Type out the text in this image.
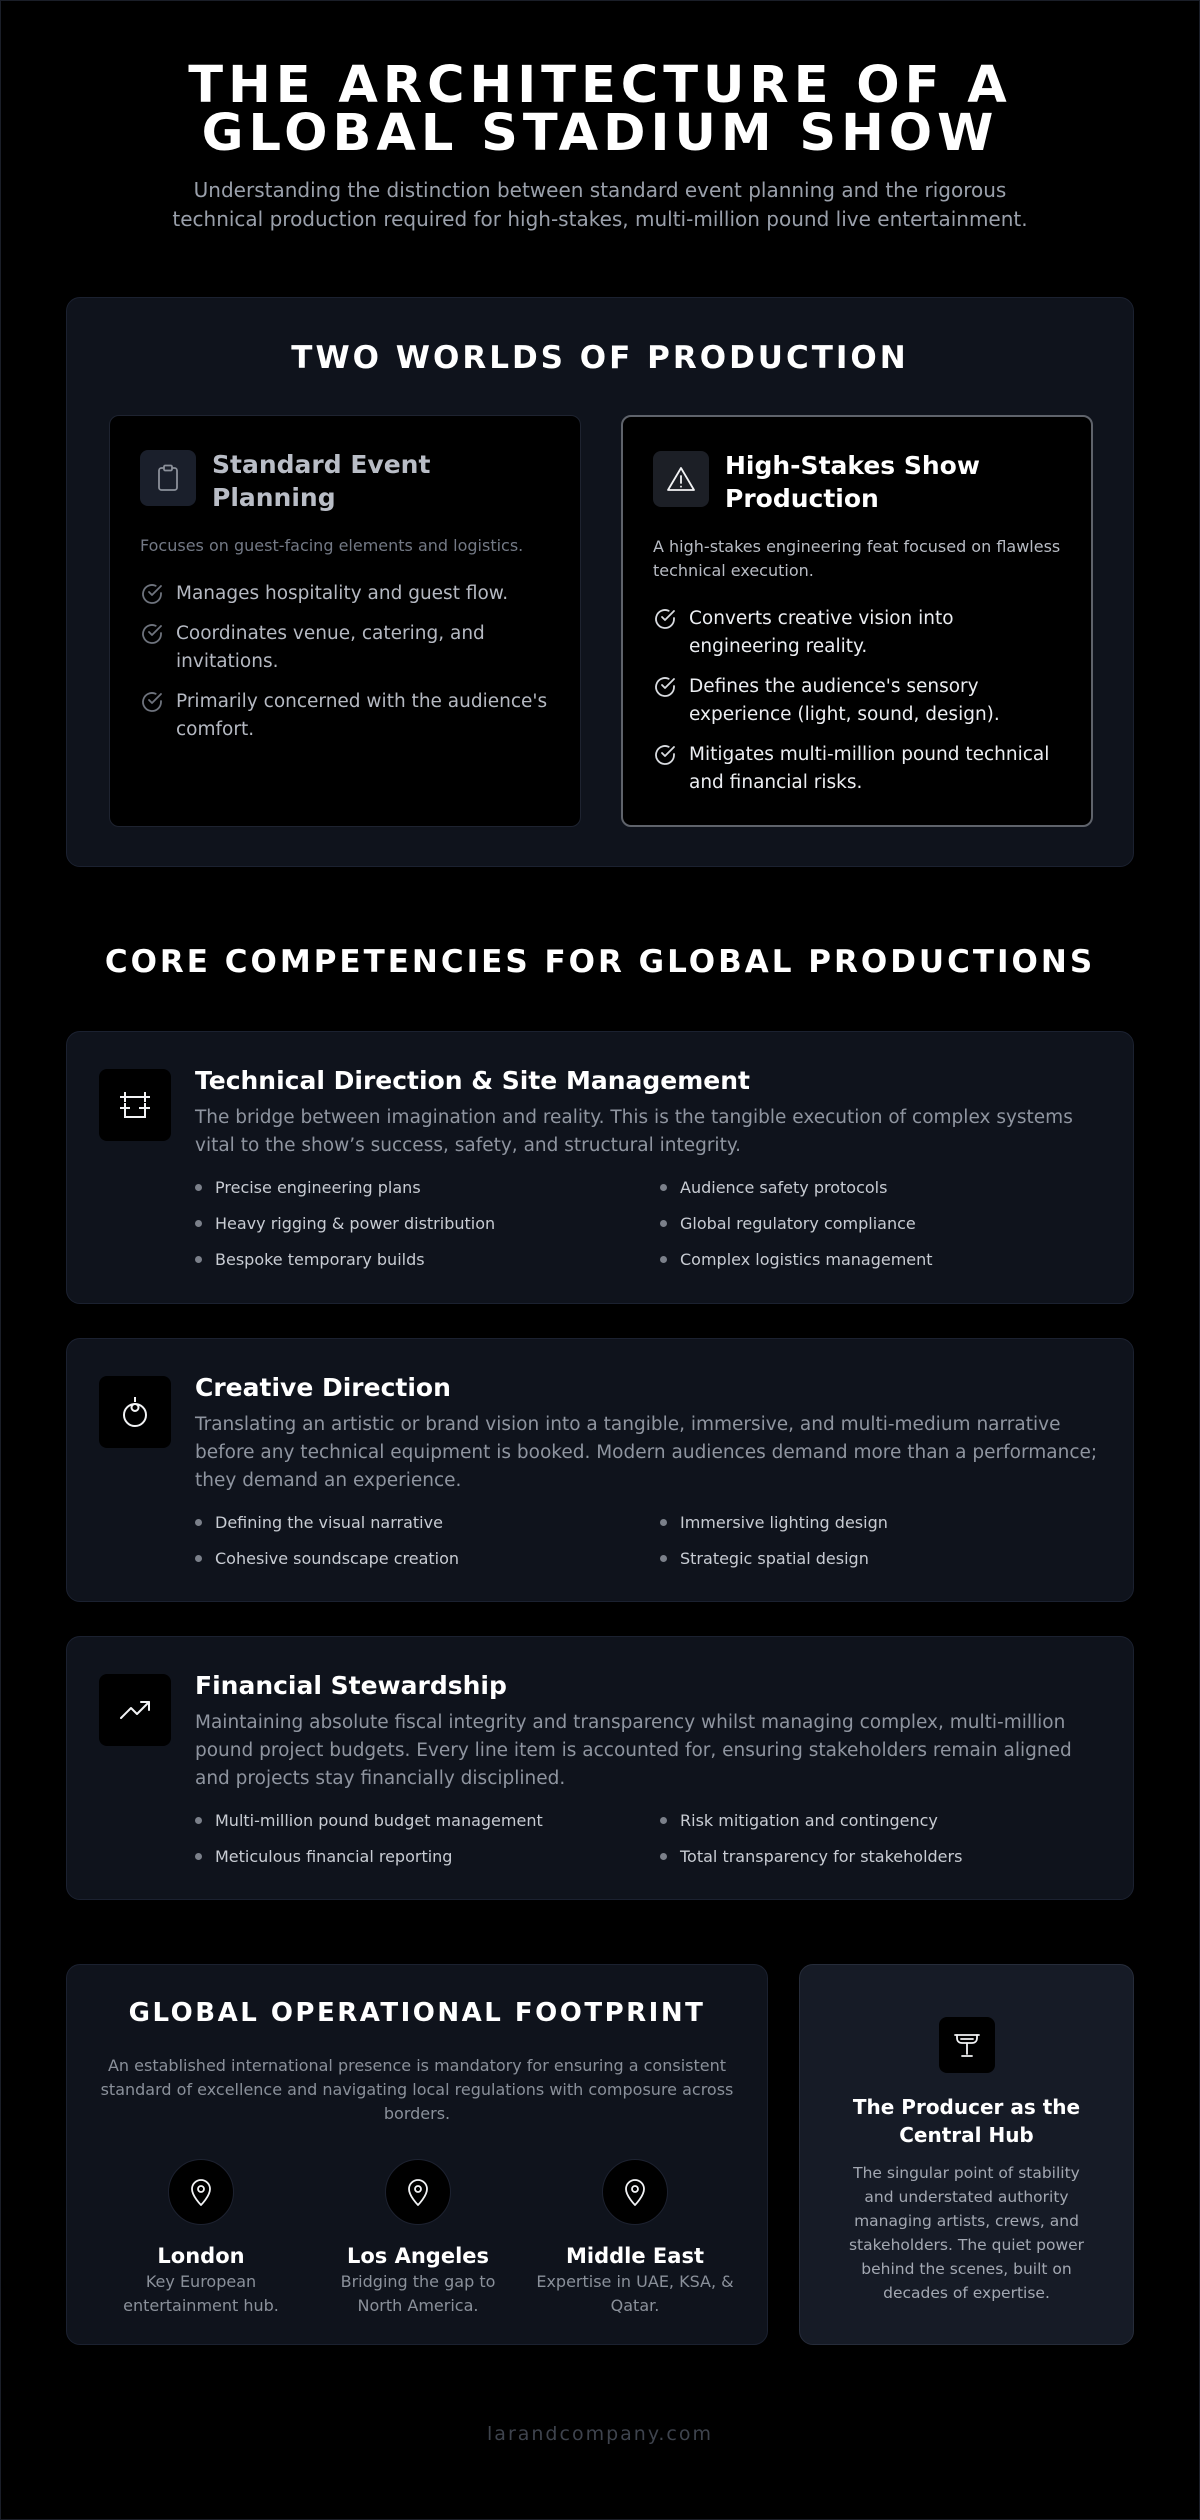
THE ARCHITECTURE OF A GLOBAL STADIUM SHOW

Understanding the distinction between standard event planning and the rigorous technical production required for high-stakes, multi-million pound live entertainment.

TWO WORLDS OF PRODUCTION
Standard Event Planning

Focuses on guest-facing elements and logistics.

Manages hospitality and guest flow.
Coordinates venue, catering, and invitations.
Primarily concerned with the audience's comfort.
High-Stakes Show Production

A high-stakes engineering feat focused on flawless technical execution.

Converts creative vision into engineering reality.
Defines the audience's sensory experience (light, sound, design).
Mitigates multi-million pound technical and financial risks.
CORE COMPETENCIES FOR GLOBAL PRODUCTIONS
Technical Direction & Site Management

The bridge between imagination and reality. This is the tangible execution of complex systems vital to the show’s success, safety, and structural integrity.

Precise engineering plans	Audience safety protocols
Heavy rigging & power distribution	Global regulatory compliance
Bespoke temporary builds	Complex logistics management
Creative Direction

Translating an artistic or brand vision into a tangible, immersive, and multi-medium narrative before any technical equipment is booked. Modern audiences demand more than a performance; they demand an experience.

Defining the visual narrative	Immersive lighting design
Cohesive soundscape creation	Strategic spatial design
Financial Stewardship

Maintaining absolute fiscal integrity and transparency whilst managing complex, multi-million pound project budgets. Every line item is accounted for, ensuring stakeholders remain aligned and projects stay financially disciplined.

Multi-million pound budget management	Risk mitigation and contingency
Meticulous financial reporting	Total transparency for stakeholders
GLOBAL OPERATIONAL FOOTPRINT

An established international presence is mandatory for ensuring a consistent standard of excellence and navigating local regulations with composure across borders.

London
Key European entertainment hub.
Los Angeles
Bridging the gap to North America.
Middle East
Expertise in UAE, KSA, & Qatar.
The Producer as the Central Hub

The singular point of stability and understated authority managing artists, crews, and stakeholders. The quiet power behind the scenes, built on decades of expertise.

larandcompany.com
